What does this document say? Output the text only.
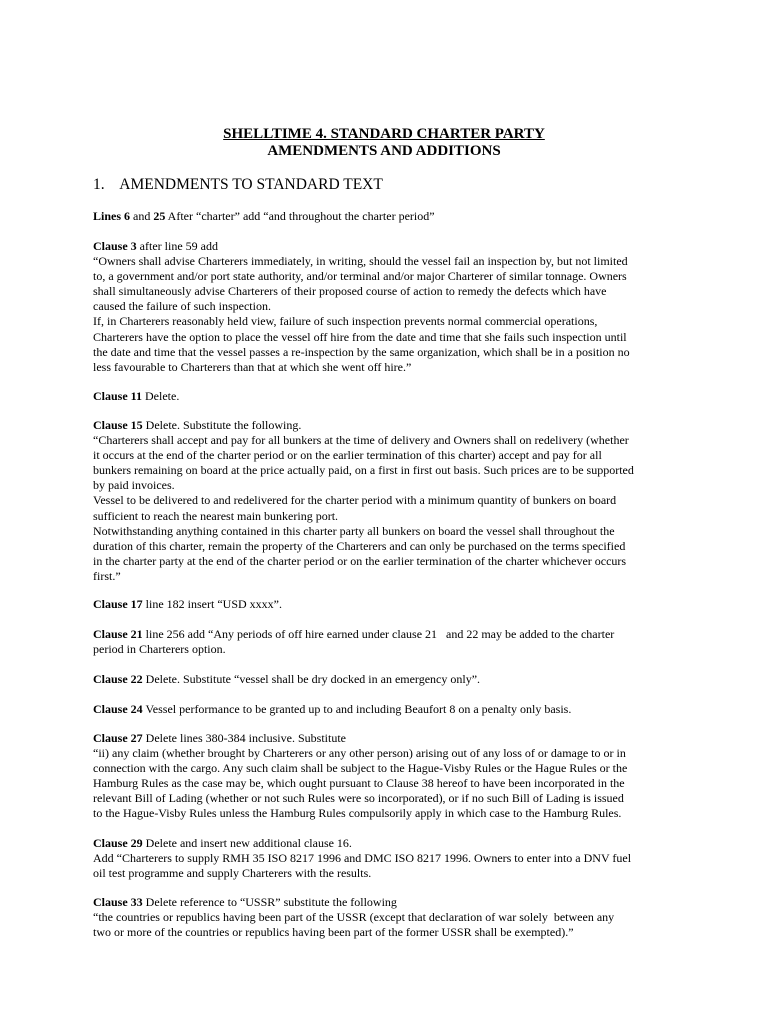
SHELLTIME 4. STANDARD CHARTER PARTY
AMENDMENTS AND ADDITIONS
1.    AMENDMENTS TO STANDARD TEXT
Lines 6 and 25 After “charter” add “and throughout the charter period”
Clause 3 after line 59 add
“Owners shall advise Charterers immediately, in writing, should the vessel fail an inspection by, but not limited
to, a government and/or port state authority, and/or terminal and/or major Charterer of similar tonnage. Owners
shall simultaneously advise Charterers of their proposed course of action to remedy the defects which have
caused the failure of such inspection.
If, in Charterers reasonably held view, failure of such inspection prevents normal commercial operations,
Charterers have the option to place the vessel off hire from the date and time that she fails such inspection until
the date and time that the vessel passes a re-inspection by the same organization, which shall be in a position no
less favourable to Charterers than that at which she went off hire.”
Clause 11 Delete.
Clause 15 Delete. Substitute the following.
“Charterers shall accept and pay for all bunkers at the time of delivery and Owners shall on redelivery (whether
it occurs at the end of the charter period or on the earlier termination of this charter) accept and pay for all
bunkers remaining on board at the price actually paid, on a first in first out basis. Such prices are to be supported
by paid invoices.
Vessel to be delivered to and redelivered for the charter period with a minimum quantity of bunkers on board
sufficient to reach the nearest main bunkering port.
Notwithstanding anything contained in this charter party all bunkers on board the vessel shall throughout the
duration of this charter, remain the property of the Charterers and can only be purchased on the terms specified
in the charter party at the end of the charter period or on the earlier termination of the charter whichever occurs
first.”
Clause 17 line 182 insert “USD xxxx”.
Clause 21 line 256 add “Any periods of off hire earned under clause 21   and 22 may be added to the charter
period in Charterers option.
Clause 22 Delete. Substitute “vessel shall be dry docked in an emergency only”.
Clause 24 Vessel performance to be granted up to and including Beaufort 8 on a penalty only basis.
Clause 27 Delete lines 380-384 inclusive. Substitute
“ii) any claim (whether brought by Charterers or any other person) arising out of any loss of or damage to or in
connection with the cargo. Any such claim shall be subject to the Hague-Visby Rules or the Hague Rules or the
Hamburg Rules as the case may be, which ought pursuant to Clause 38 hereof to have been incorporated in the
relevant Bill of Lading (whether or not such Rules were so incorporated), or if no such Bill of Lading is issued
to the Hague-Visby Rules unless the Hamburg Rules compulsorily apply in which case to the Hamburg Rules.
Clause 29 Delete and insert new additional clause 16.
Add “Charterers to supply RMH 35 ISO 8217 1996 and DMC ISO 8217 1996. Owners to enter into a DNV fuel
oil test programme and supply Charterers with the results.
Clause 33 Delete reference to “USSR” substitute the following
“the countries or republics having been part of the USSR (except that declaration of war solely  between any
two or more of the countries or republics having been part of the former USSR shall be exempted).”
